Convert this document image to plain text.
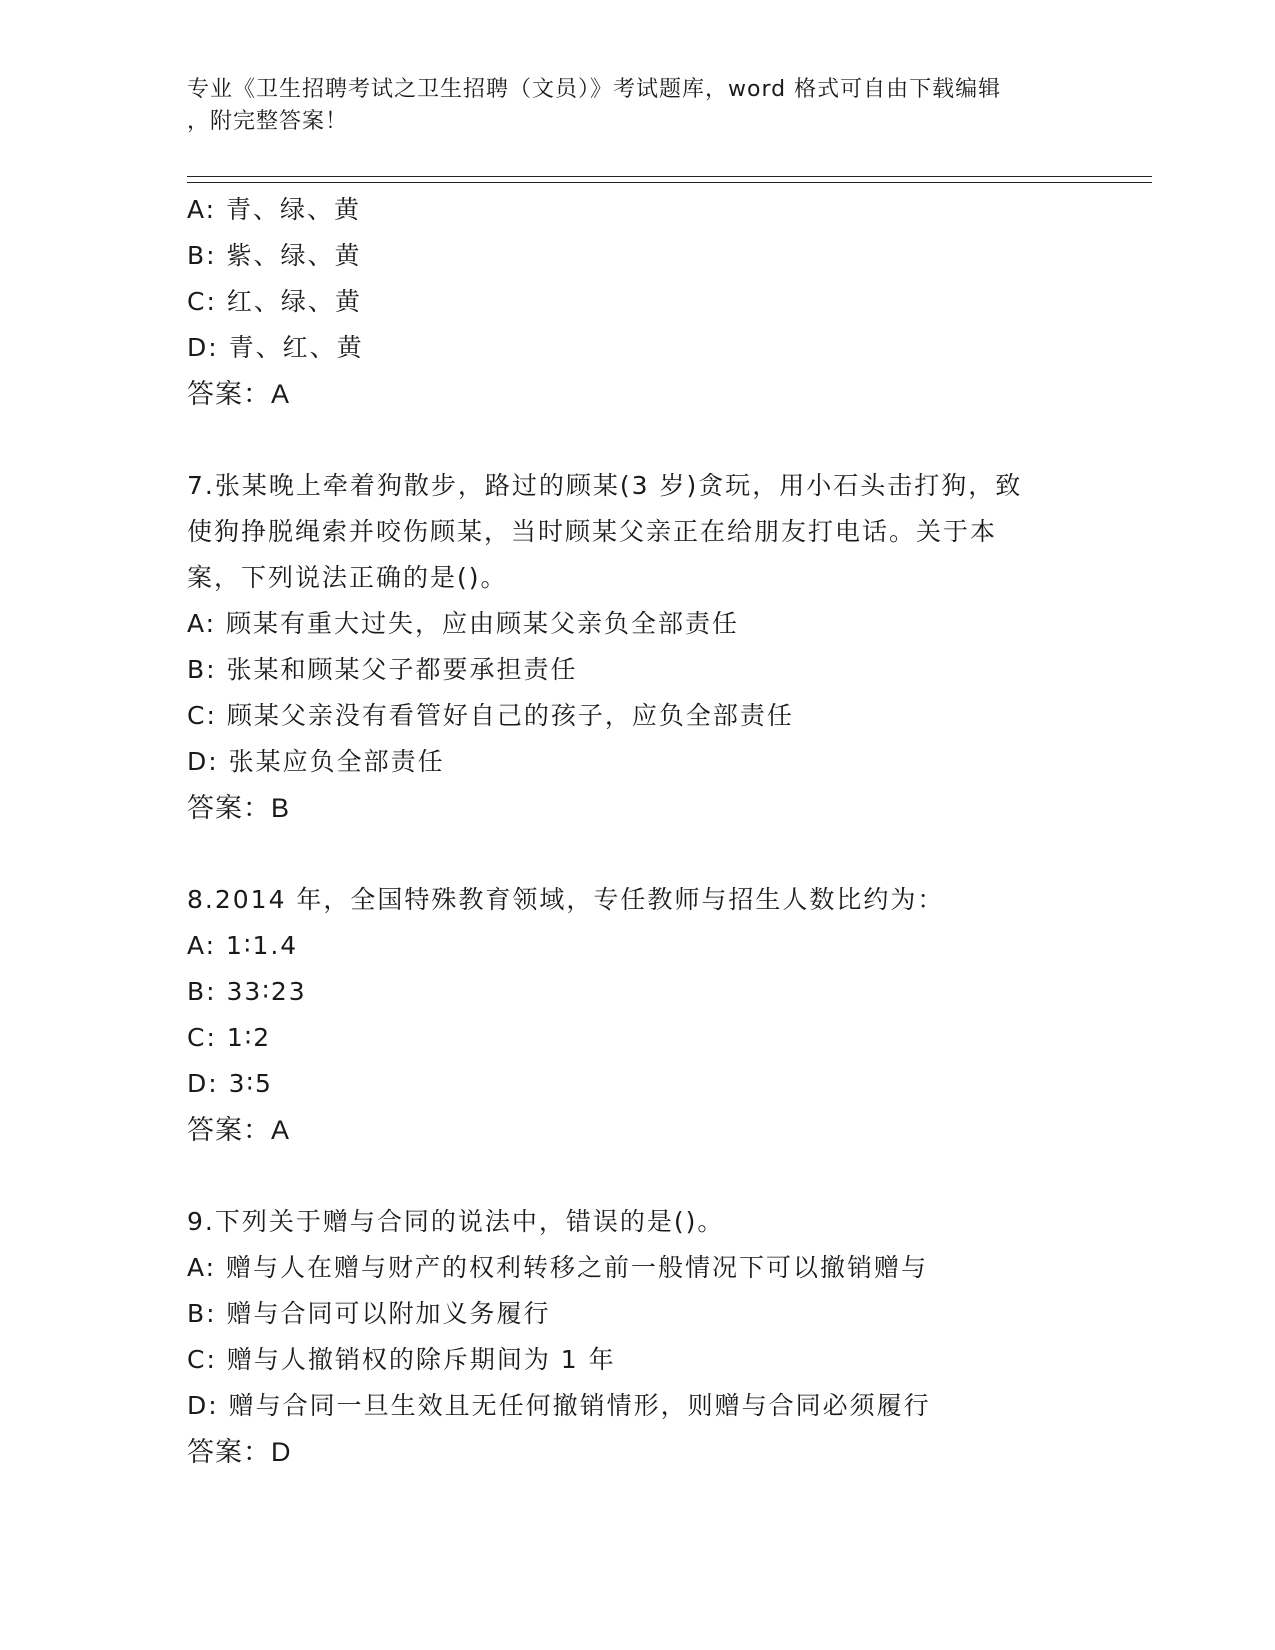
专业《卫生招聘考试之卫生招聘（文员）》考试题库，word 格式可自由下载编辑
，附完整答案！
A: 青、绿、黄
B: 紫、绿、黄
C: 红、绿、黄
D: 青、红、黄
答案：A
7.张某晚上牵着狗散步，路过的顾某(3 岁)贪玩，用小石头击打狗，致
使狗挣脱绳索并咬伤顾某，当时顾某父亲正在给朋友打电话。关于本
案，下列说法正确的是()。
A: 顾某有重大过失，应由顾某父亲负全部责任
B: 张某和顾某父子都要承担责任
C: 顾某父亲没有看管好自己的孩子，应负全部责任
D: 张某应负全部责任
答案：B
8.2014 年，全国特殊教育领域，专任教师与招生人数比约为：
A: 1∶1.4
B: 33∶23
C: 1∶2
D: 3∶5
答案：A
9.下列关于赠与合同的说法中，错误的是()。
A: 赠与人在赠与财产的权利转移之前一般情况下可以撤销赠与
B: 赠与合同可以附加义务履行
C: 赠与人撤销权的除斥期间为 1 年
D: 赠与合同一旦生效且无任何撤销情形，则赠与合同必须履行
答案：D
